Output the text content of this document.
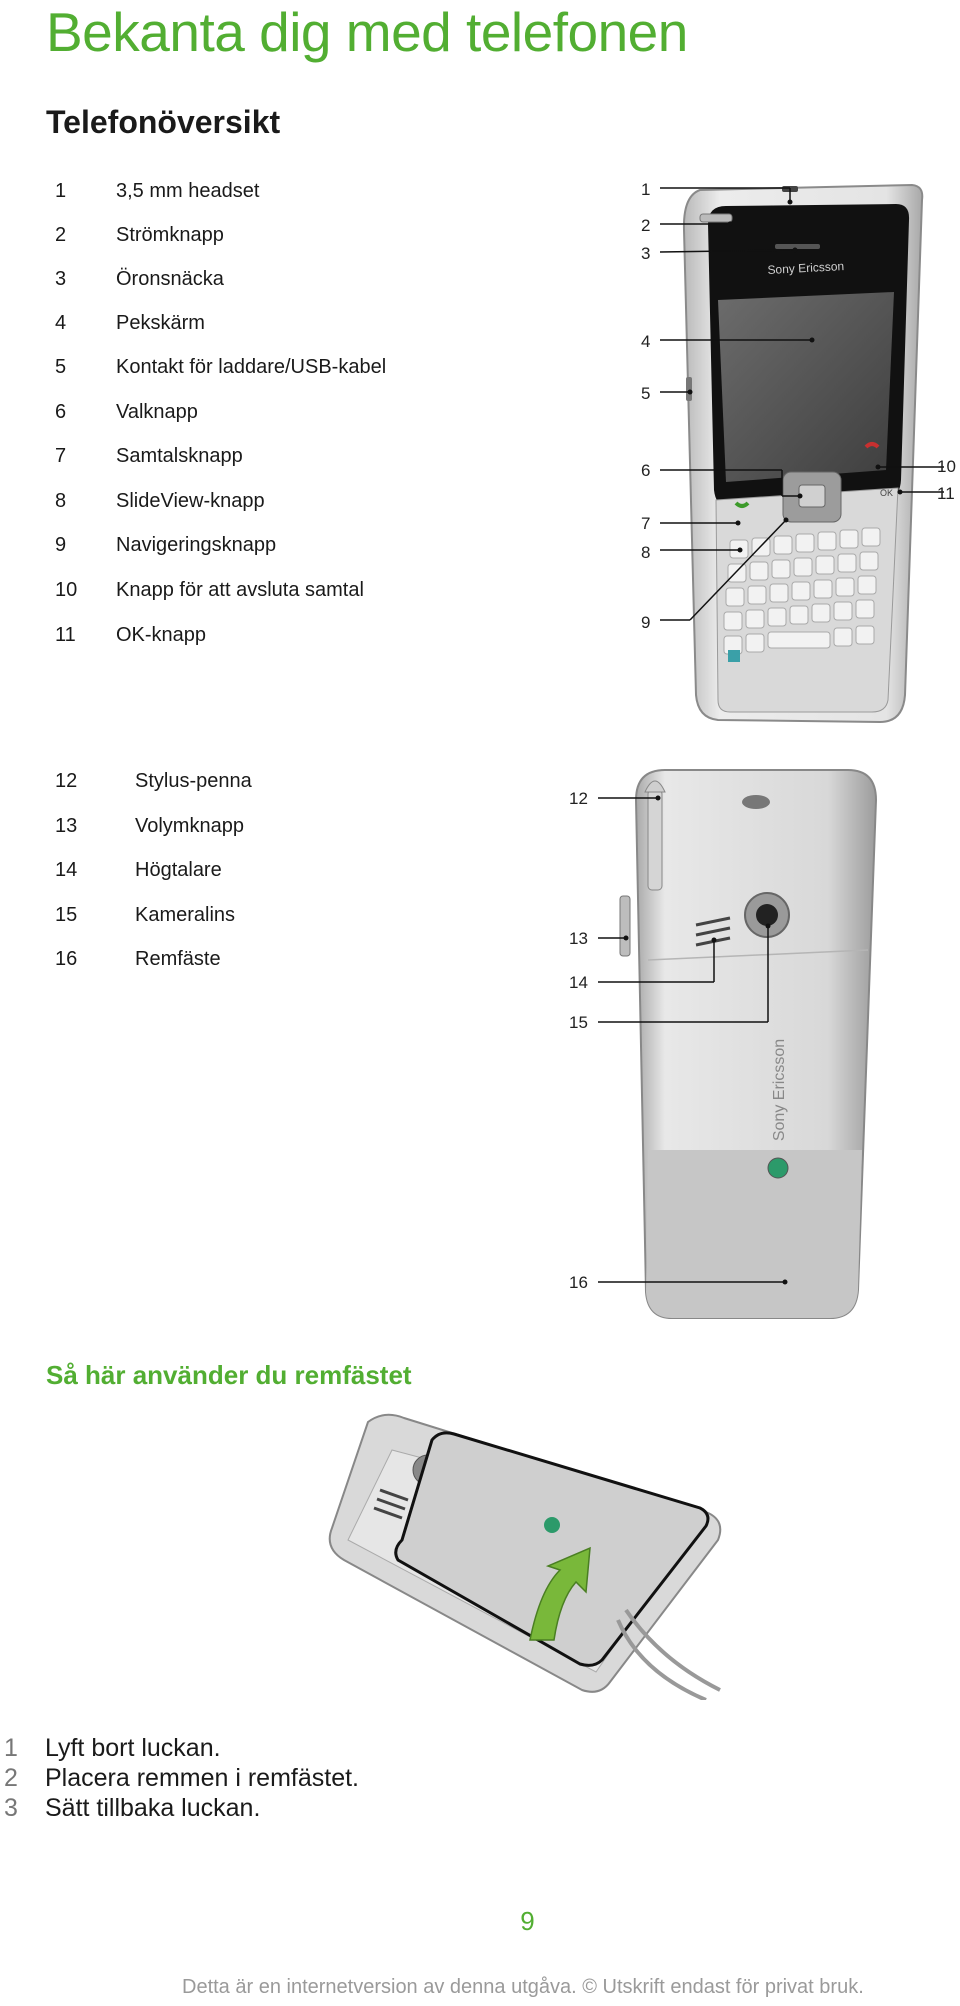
Bekanta dig med telefonen
Telefonöversikt
1 3,5 mm headset
2 Strömknapp
3 Öronsnäcka
4 Pekskärm
5 Kontakt för laddare/USB-kabel
6 Valknapp
7 Samtalsknapp
8 SlideView-knapp
9 Navigeringsknapp
10 Knapp för att avsluta samtal
11 OK-knapp
12	Stylus-penna
13	Volymknapp
14	Högtalare
15	Kameralins
16	Remfäste
Sony Ericsson
OK
1
2
3
4
5
6
7
8
9
10
11
Sony Ericsson
12
13
14
15
16
Så här använder du remfästet
1 Lyft bort luckan.
2 Placera remmen i remfästet.
3 Sätt tillbaka luckan.
9
Detta är en internetversion av denna utgåva. © Utskrift endast för privat bruk.
